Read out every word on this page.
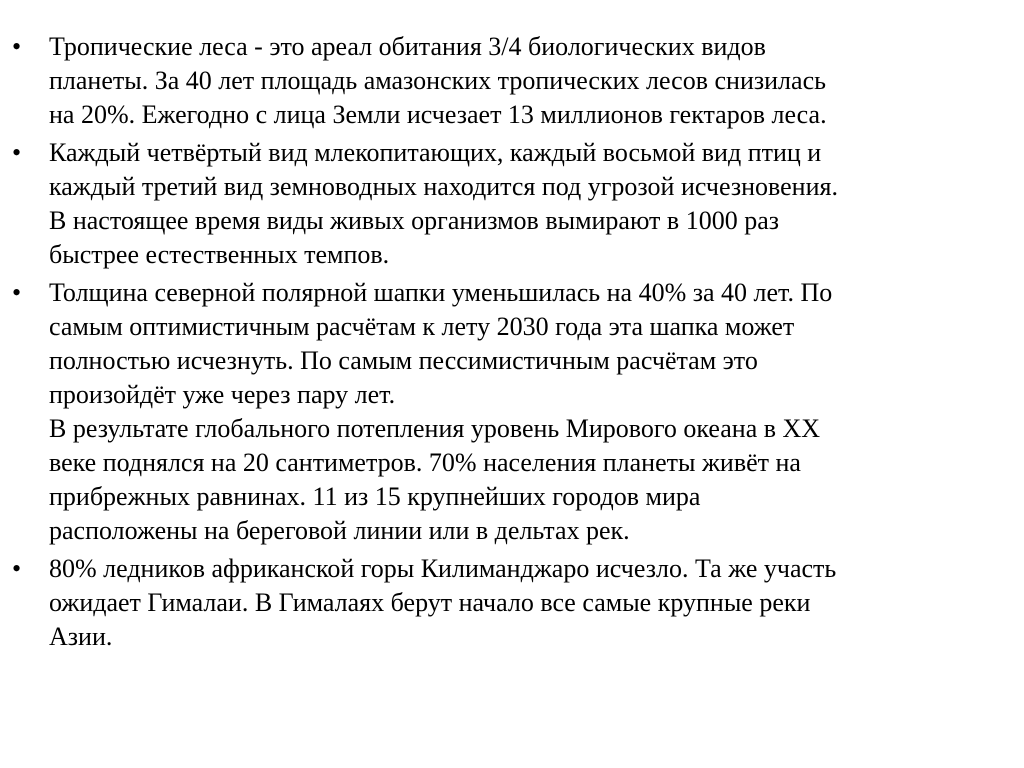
• Тропические леса - это ареал обитания 3/4 биологических видов
планеты. За 40 лет площадь амазонских тропических лесов снизилась
на 20%. Ежегодно с лица Земли исчезает 13 миллионов гектаров леса.
• Каждый четвёртый вид млекопитающих, каждый восьмой вид птиц и
каждый третий вид земноводных находится под угрозой исчезновения.
В настоящее время виды живых организмов вымирают в 1000 раз
быстрее естественных темпов.
• Толщина северной полярной шапки уменьшилась на 40% за 40 лет. По
самым оптимистичным расчётам к лету 2030 года эта шапка может
полностью исчезнуть. По самым пессимистичным расчётам это
произойдёт уже через пару лет.
В результате глобального потепления уровень Мирового океана в XX
веке поднялся на 20 сантиметров. 70% населения планеты живёт на
прибрежных равнинах. 11 из 15 крупнейших городов мира
расположены на береговой линии или в дельтах рек.
• 80% ледников африканской горы Килиманджаро исчезло. Та же участь
ожидает Гималаи. В Гималаях берут начало все самые крупные реки
Азии.
